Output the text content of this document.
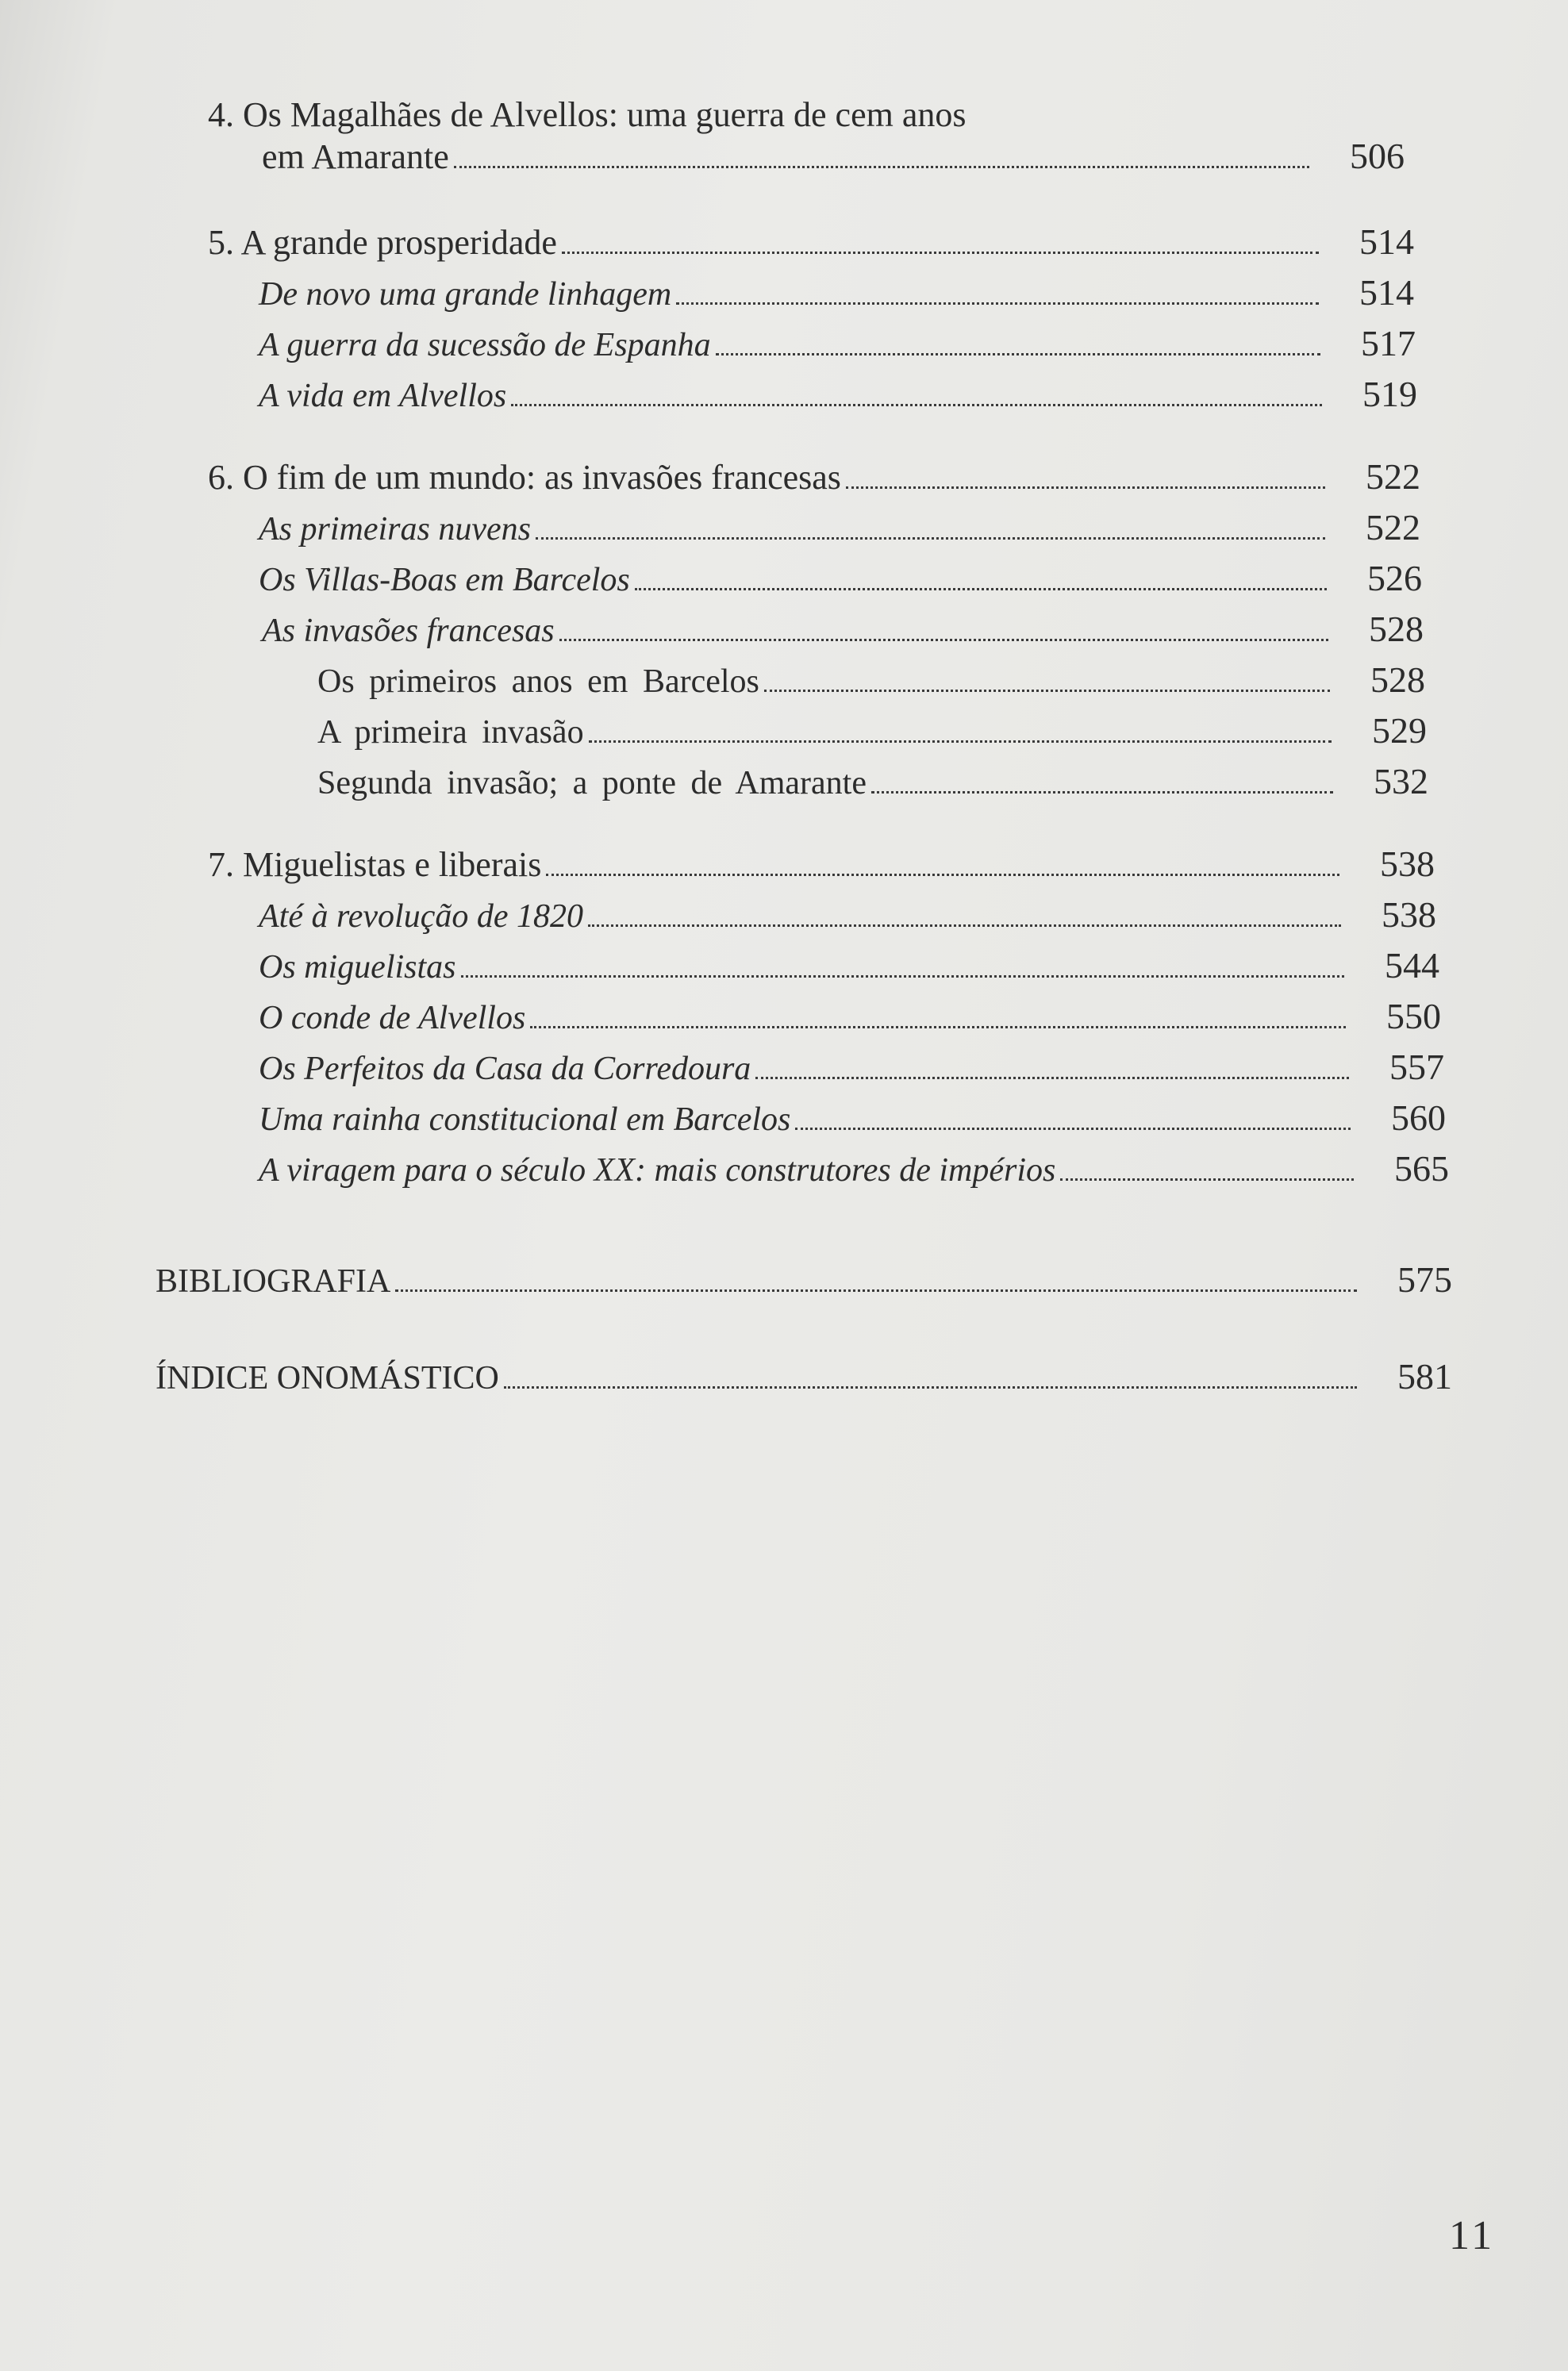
4. Os Magalhães de Alvellos: uma guerra de cem anos
em Amarante	506
5. A grande prosperidade	514
De novo uma grande linhagem	514
A guerra da sucessão de Espanha	517
A vida em Alvellos	519
6. O fim de um mundo: as invasões francesas	522
As primeiras nuvens	522
Os Villas-Boas em Barcelos	526
As invasões francesas	528
Os primeiros anos em Barcelos	528
A primeira invasão	529
Segunda invasão; a ponte de Amarante	532
7. Miguelistas e liberais	538
Até à revolução de 1820	538
Os miguelistas	544
O conde de Alvellos	550
Os Perfeitos da Casa da Corredoura	557
Uma rainha constitucional em Barcelos	560
A viragem para o século XX: mais construtores de impérios	565
BIBLIOGRAFIA	575
ÍNDICE ONOMÁSTICO	581
11
